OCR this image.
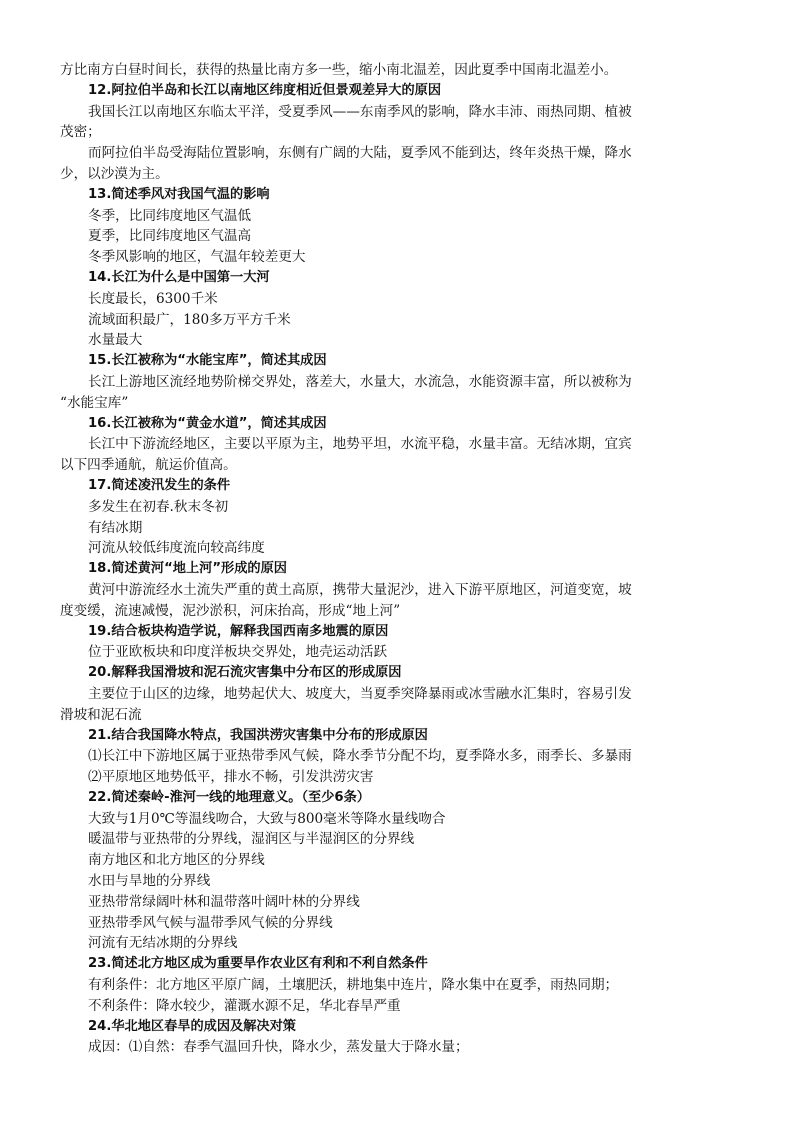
方比南方白昼时间长，获得的热量比南方多一些，缩小南北温差，因此夏季中国南北温差小。
12.阿拉伯半岛和长江以南地区纬度相近但景观差异大的原因
我国长江以南地区东临太平洋，受夏季风——东南季风的影响，降水丰沛、雨热同期、植被
茂密；
而阿拉伯半岛受海陆位置影响，东侧有广阔的大陆，夏季风不能到达，终年炎热干燥，降水
少，以沙漠为主。
13.简述季风对我国气温的影响
冬季，比同纬度地区气温低
夏季，比同纬度地区气温高
冬季风影响的地区，气温年较差更大
14.长江为什么是中国第一大河
长度最长，6300千米
流域面积最广，180多万平方千米
水量最大
15.长江被称为“水能宝库”，简述其成因
长江上游地区流经地势阶梯交界处，落差大，水量大，水流急，水能资源丰富，所以被称为
“水能宝库”
16.长江被称为“黄金水道”，简述其成因
长江中下游流经地区，主要以平原为主，地势平坦，水流平稳，水量丰富。无结冰期，宜宾
以下四季通航，航运价值高。
17.简述凌汛发生的条件
多发生在初春.秋末冬初
有结冰期
河流从较低纬度流向较高纬度
18.简述黄河“地上河”形成的原因
黄河中游流经水土流失严重的黄土高原，携带大量泥沙，进入下游平原地区，河道变宽，坡
度变缓，流速减慢，泥沙淤积，河床抬高，形成“地上河”
19.结合板块构造学说，解释我国西南多地震的原因
位于亚欧板块和印度洋板块交界处，地壳运动活跃
20.解释我国滑坡和泥石流灾害集中分布区的形成原因
主要位于山区的边缘，地势起伏大、坡度大，当夏季突降暴雨或冰雪融水汇集时，容易引发
滑坡和泥石流
21.结合我国降水特点，我国洪涝灾害集中分布的形成原因
⑴长江中下游地区属于亚热带季风气候，降水季节分配不均，夏季降水多，雨季长、多暴雨
⑵平原地区地势低平，排水不畅，引发洪涝灾害
22.简述秦岭-淮河一线的地理意义。（至少6条）
大致与1月0℃等温线吻合，大致与800毫米等降水量线吻合
暖温带与亚热带的分界线，湿润区与半湿润区的分界线
南方地区和北方地区的分界线
水田与旱地的分界线
亚热带常绿阔叶林和温带落叶阔叶林的分界线
亚热带季风气候与温带季风气候的分界线
河流有无结冰期的分界线
23.简述北方地区成为重要旱作农业区有利和不利自然条件
有利条件：北方地区平原广阔，土壤肥沃，耕地集中连片，降水集中在夏季，雨热同期；
不利条件：降水较少，灌溉水源不足，华北春旱严重
24.华北地区春旱的成因及解决对策
成因：⑴自然：春季气温回升快，降水少，蒸发量大于降水量；
